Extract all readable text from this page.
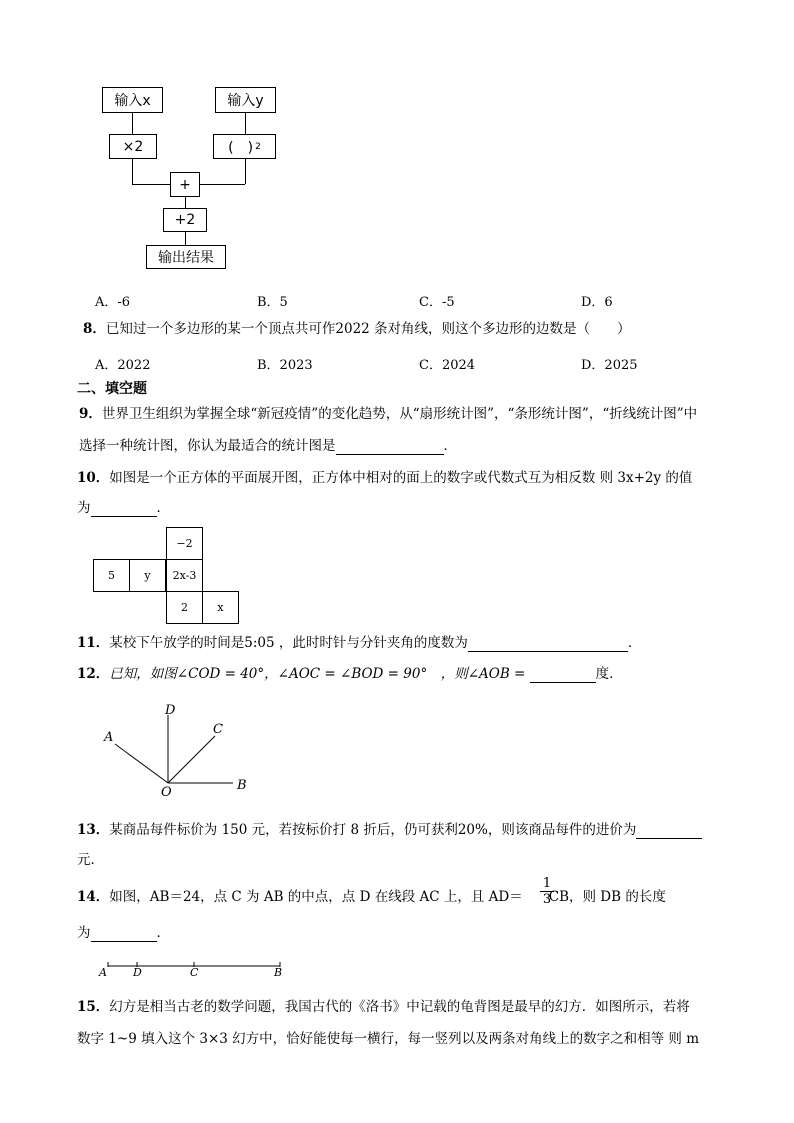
输入x	输入y
×2	(　) 2
+
+2
输出结果
A．-6	B．5	C．-5	D．6
8．已知过一个多边形的某一个顶点共可作2022 条对角线，则这个多边形的边数是（　　）
A．2022	B．2023	C．2024	D．2025
二、填空题
9．世界卫生组织为掌握全球“新冠疫情”的变化趋势，从“扇形统计图”，“条形统计图”，“折线统计图”中
选择一种统计图，你认为最适合的统计图是	．
10．如图是一个正方体的平面展开图，正方体中相对的面上的数字或代数式互为相反数 则 3x+2y 的值
为	．
−2
5	y	2x-3
2	x
11．某校下午放学的时间是5:05 ，此时时针与分针夹角的度数为	．
12．已知，如图∠COD = 40°，∠AOC = ∠BOD = 90°　，则∠AOB =	度．
D
C
A
O	B
13．某商品每件标价为 150 元，若按标价打 8 折后，仍可获利20%，则该商品每件的进价为
元．
14．如图，AB＝24，点 C 为 AB 的中点，点 D 在线段 AC 上，且 AD＝ CB，则 DB 的长度
1
3
为	．
A D	C	B
15．幻方是相当古老的数学问题，我国古代的《洛书》中记载的龟背图是最早的幻方．如图所示，若将
数字 1~9 填入这个 3×3 幻方中，恰好能使每一横行，每一竖列以及两条对角线上的数字之和相等 则 m
